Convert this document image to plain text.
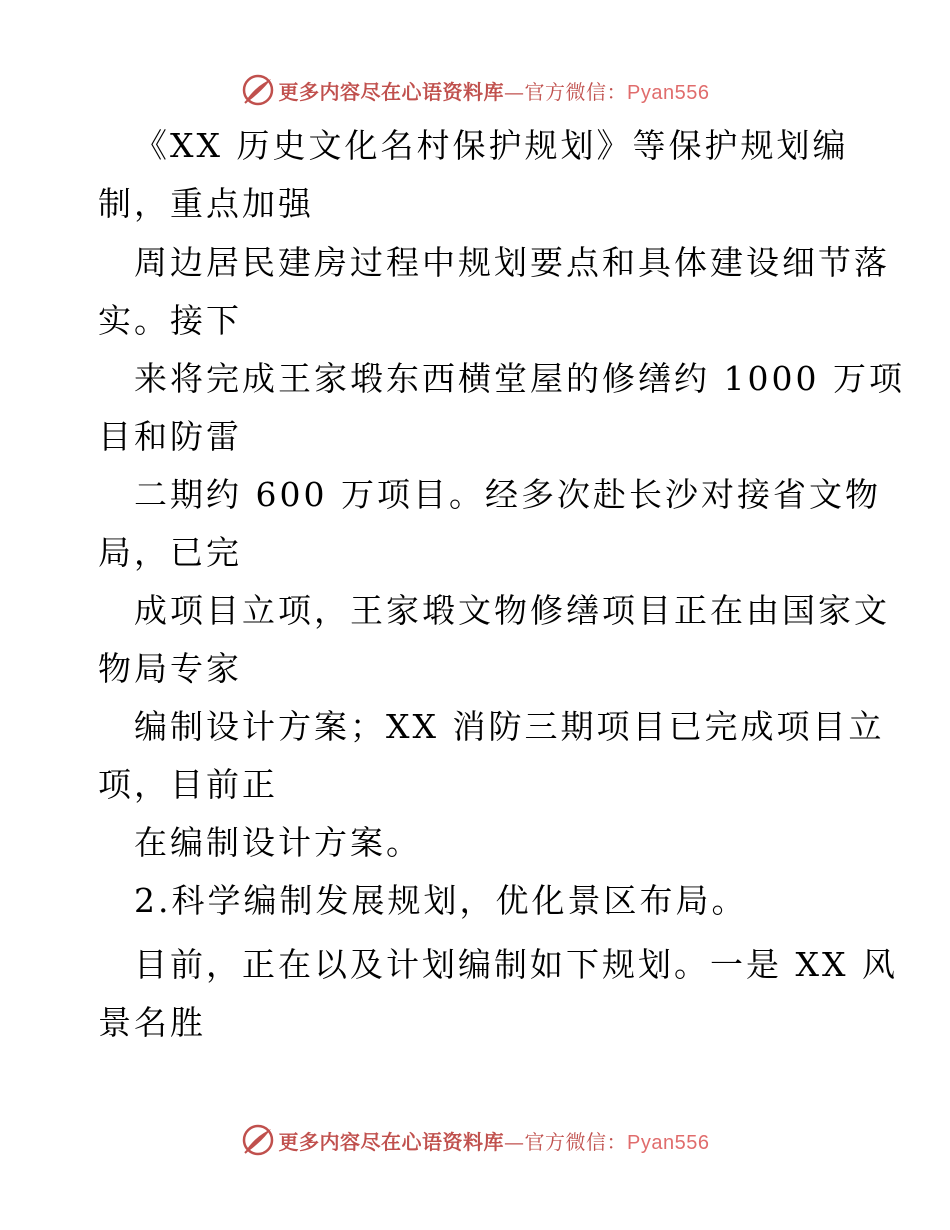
更多内容尽在心语资料库—官方微信：Pyan556
《XX 历史文化名村保护规划》等保护规划编
制，重点加强
周边居民建房过程中规划要点和具体建设细节落
实。接下
来将完成王家塅东西横堂屋的修缮约 1000 万项
目和防雷
二期约 600 万项目。经多次赴长沙对接省文物
局，已完
成项目立项，王家塅文物修缮项目正在由国家文
物局专家
编制设计方案；XX 消防三期项目已完成项目立
项，目前正
在编制设计方案。
2.科学编制发展规划，优化景区布局。
目前，正在以及计划编制如下规划。一是 XX 风
景名胜
更多内容尽在心语资料库—官方微信：Pyan556
